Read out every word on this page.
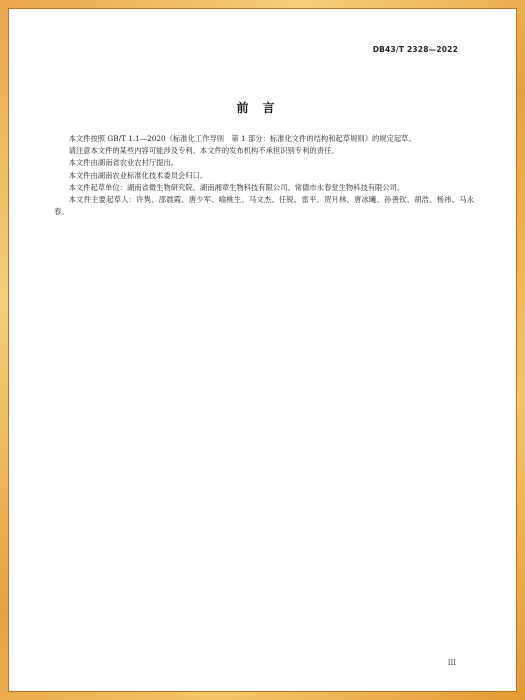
DB43/T 2328—2022
前言

本文件按照 GB/T 1.1—2020《标准化工作导则　第 1 部分：标准化文件的结构和起草规则》的规定起草。

请注意本文件的某些内容可能涉及专利。本文件的发布机构不承担识别专利的责任。

本文件由湖南省农业农村厅提出。

本文件由湖南农业标准化技术委员会归口。

本文件起草单位：湖南省微生物研究院、湖南湘章生物科技有限公司、常德市永春堂生物科技有限公司。

本文件主要起草人：许隽、邵晨霞、唐少军、喻桃生、马文杰、任锐、雷平、贺月林、唐冰曦、孙善钦、胡浩、杨祎、马永春。

III
